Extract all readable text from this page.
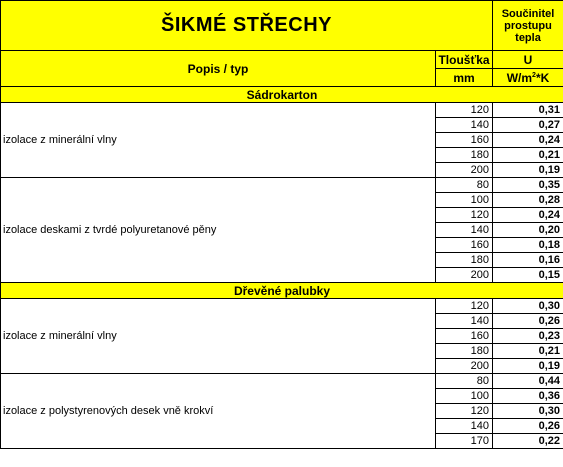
ŠIKMÉ STŘECHY		Součinitel prostupu tepla
Popis / typ	Tloušťka	U
	mm	$W/m^2*K$
Sádrokarton		
izolace z minerální vlny	120	0,31
	140	0,27
	160	0,24
	180	0,21
	200	0,19
izolace deskami z tvrdé polyuretanové pěny	80	0,35
	100	0,28
	120	0,24
	140	0,20
	160	0,18
	180	0,16
	200	0,15
Dřevěné palubky		
izolace z minerální vlny	120	0,30
	140	0,26
	160	0,23
	180	0,21
	200	0,19
izolace z polystyrenových desek vně krokví	80	0,44
	100	0,36
	120	0,30
	140	0,26
	170	0,22
